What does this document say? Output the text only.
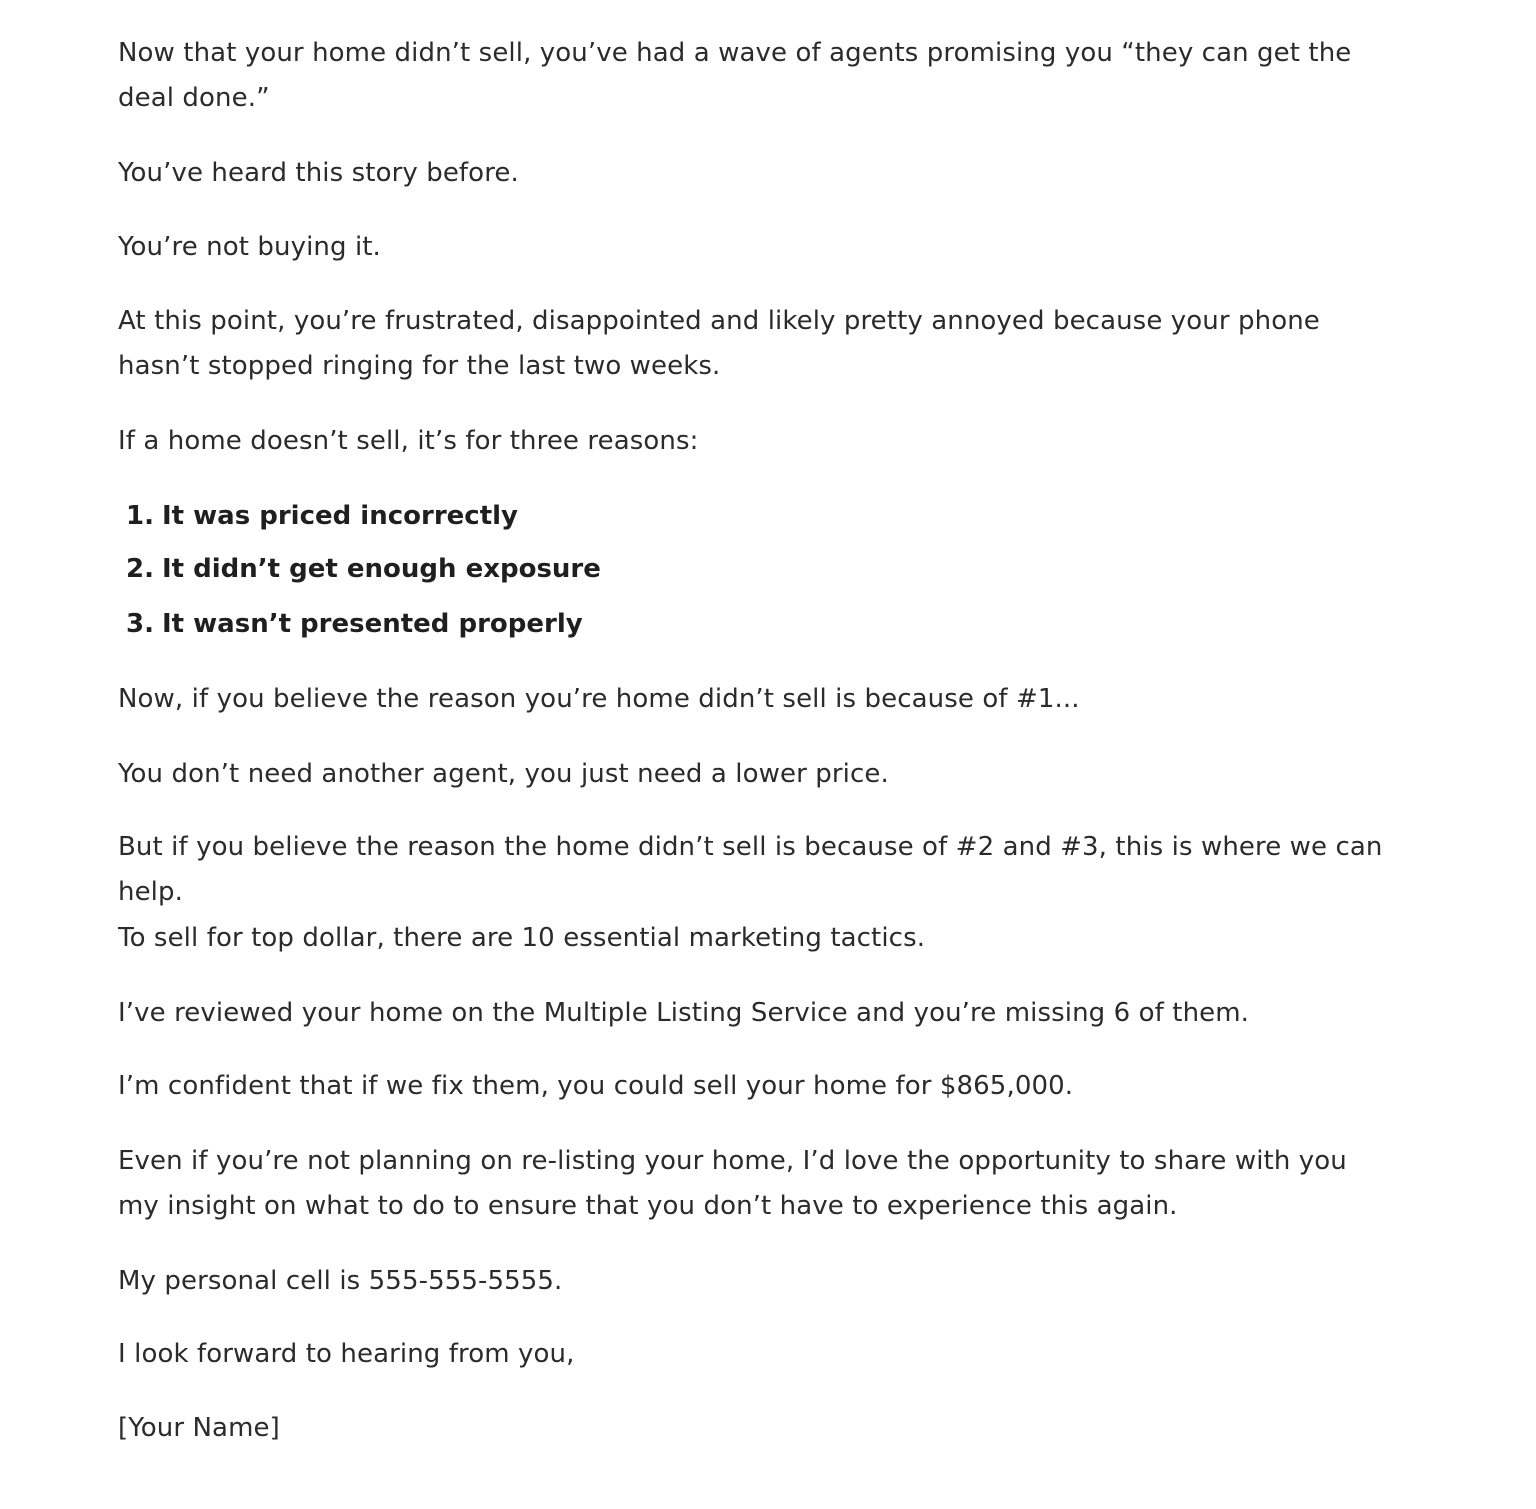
Now that your home didn’t sell, you’ve had a wave of agents promising you “they can get the
deal done.”
You’ve heard this story before.
You’re not buying it.
At this point, you’re frustrated, disappointed and likely pretty annoyed because your phone
hasn’t stopped ringing for the last two weeks.
If a home doesn’t sell, it’s for three reasons:
1. It was priced incorrectly
2. It didn’t get enough exposure
3. It wasn’t presented properly
Now, if you believe the reason you’re home didn’t sell is because of #1...
You don’t need another agent, you just need a lower price.
But if you believe the reason the home didn’t sell is because of #2 and #3, this is where we can
help.
To sell for top dollar, there are 10 essential marketing tactics.
I’ve reviewed your home on the Multiple Listing Service and you’re missing 6 of them.
I’m confident that if we fix them, you could sell your home for $865,000.
Even if you’re not planning on re-listing your home, I’d love the opportunity to share with you
my insight on what to do to ensure that you don’t have to experience this again.
My personal cell is 555-555-5555.
I look forward to hearing from you,
[Your Name]
